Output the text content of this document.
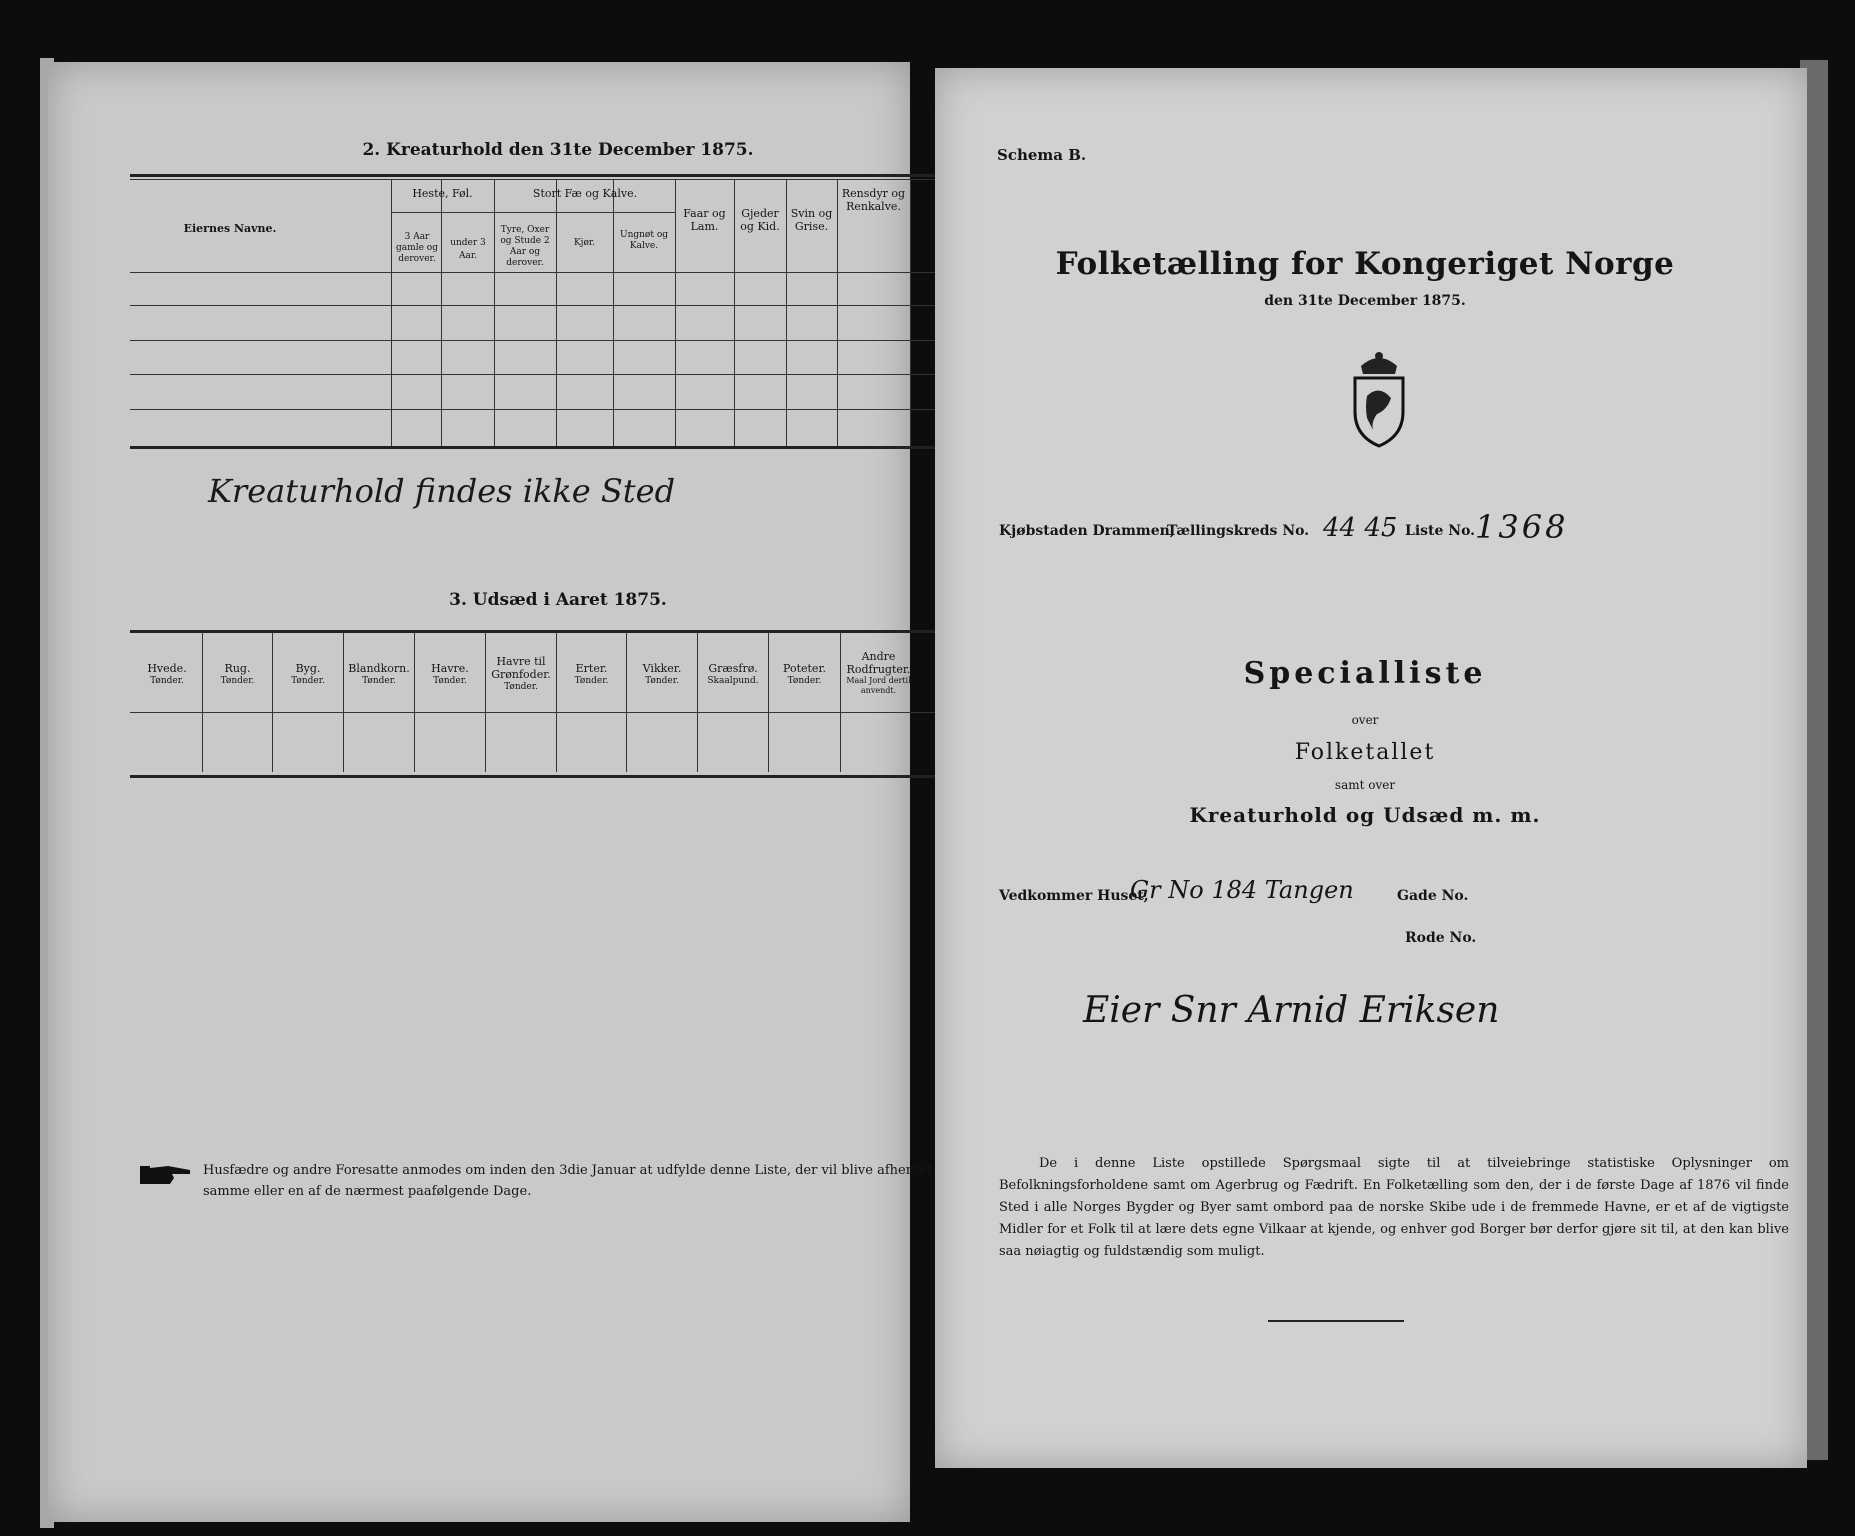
2. Kreaturhold den 31te December 1875.
Eiernes Navne.
Heste, Føl.
3 Aar gamle og derover.
under 3 Aar.
Stort Fæ og Kalve.
Tyre, Oxer og Stude 2 Aar og derover.
Kjør.
Ungnøt og Kalve.
Faar og Lam.
Gjeder og Kid.
Svin og Grise.
Rensdyr og Renkalve.
Kreaturhold findes ikke Sted
3. Udsæd i Aaret 1875.
Hvede.
Tønder.
Rug.
Tønder.
Byg.
Tønder.
Blandkorn.
Tønder.
Havre.
Tønder.
Havre til Grønfoder.
Tønder.
Erter.
Tønder.
Vikker.
Tønder.
Græsfrø.
Skaalpund.
Poteter.
Tønder.
Andre Rodfrugter.
Maal Jord dertil anvendt.
Husfædre og andre Foresatte anmodes om inden den 3die Januar at udfylde denne Liste, der vil blive afhentet samme eller en af de nærmest paafølgende Dage.
Schema B.
Folketælling for Kongeriget Norge
den 31te December 1875.
Kjøbstaden Drammen,
Tællingskreds No. 44 45 Liste No. 1368
Specialliste
over
Folketallet
samt over
Kreaturhold og Udsæd m. m.
Vedkommer Huset,
Gr No 184 Tangen	Gade No.
Rode No.
Eier Snr Arnid Eriksen
De i denne Liste opstillede Spørgsmaal sigte til at tilveiebringe statistiske Oplysninger om Befolkningsforholdene samt om Agerbrug og Fædrift. En Folketælling som den, der i de første Dage af 1876 vil finde Sted i alle Norges Bygder og Byer samt ombord paa de norske Skibe ude i de fremmede Havne, er et af de vigtigste Midler for et Folk til at lære dets egne Vilkaar at kjende, og enhver god Borger bør derfor gjøre sit til, at den kan blive saa nøiagtig og fuldstændig som muligt.
